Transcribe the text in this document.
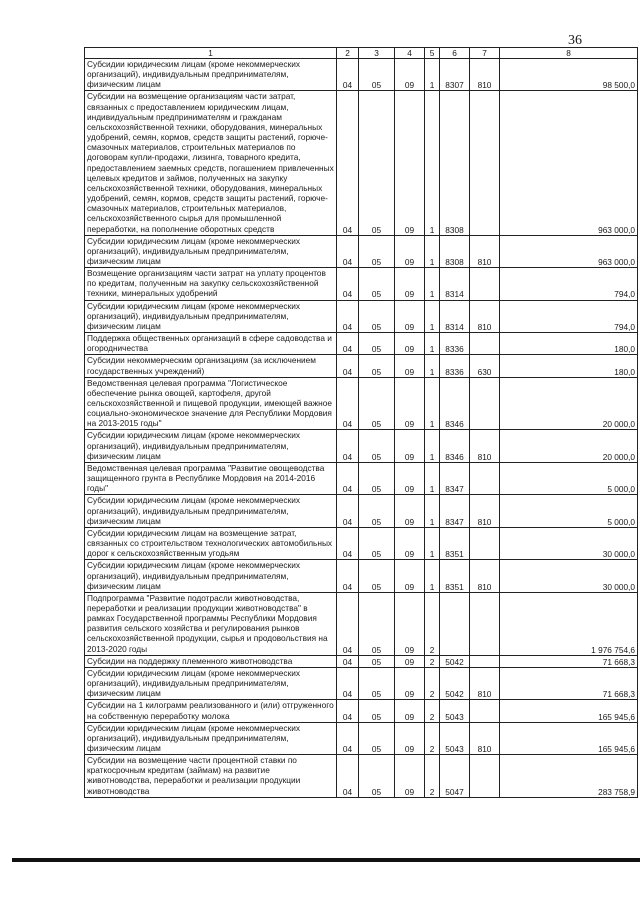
36
1	2	3	4	5	6	7	8
Субсидии юридическим лицам (кроме некоммерческих организаций), индивидуальным предпринимателям, физическим лицам	04	05	09	1	8307	810	98 500,0
Субсидии на возмещение организациям части затрат, связанных с предоставлением юридическим лицам, индивидуальным предпринимателям и гражданам сельскохозяйственной техники, оборудования, минеральных удобрений, семян, кормов, средств защиты растений, горюче-смазочных материалов, строительных материалов по договорам купли-продажи, лизинга, товарного кредита, предоставлением заемных средств, погашением привлеченных целевых кредитов и займов, полученных на закупку сельскохозяйственной техники, оборудования, минеральных удобрений, семян, кормов, средств защиты растений, горюче-смазочных материалов, строительных материалов, сельскохозяйственного сырья для промышленной переработки, на пополнение оборотных средств	04	05	09	1	8308		963 000,0
Субсидии юридическим лицам (кроме некоммерческих организаций), индивидуальным предпринимателям, физическим лицам	04	05	09	1	8308	810	963 000,0
Возмещение организациям части затрат на уплату процентов по кредитам, полученным на закупку сельскохозяйственной техники, минеральных удобрений	04	05	09	1	8314		794,0
Субсидии юридическим лицам (кроме некоммерческих организаций), индивидуальным предпринимателям, физическим лицам	04	05	09	1	8314	810	794,0
Поддержка общественных организаций в сфере садоводства и огородничества	04	05	09	1	8336		180,0
Субсидии некоммерческим организациям (за исключением государственных учреждений)	04	05	09	1	8336	630	180,0
Ведомственная целевая программа "Логистическое обеспечение рынка овощей, картофеля, другой сельскохозяйственной и пищевой продукции, имеющей важное социально-экономическое значение для Республики Мордовия на 2013-2015 годы"	04	05	09	1	8346		20 000,0
Субсидии юридическим лицам (кроме некоммерческих организаций), индивидуальным предпринимателям, физическим лицам	04	05	09	1	8346	810	20 000,0
Ведомственная целевая программа "Развитие овощеводства защищенного грунта в Республике Мордовия на 2014-2016 годы"	04	05	09	1	8347		5 000,0
Субсидии юридическим лицам (кроме некоммерческих организаций), индивидуальным предпринимателям, физическим лицам	04	05	09	1	8347	810	5 000,0
Субсидии юридическим лицам на возмещение затрат, связанных со строительством технологических автомобильных дорог к сельскохозяйственным угодьям	04	05	09	1	8351		30 000,0
Субсидии юридическим лицам (кроме некоммерческих организаций), индивидуальным предпринимателям, физическим лицам	04	05	09	1	8351	810	30 000,0
Подпрограмма "Развитие подотрасли животноводства, переработки и реализации продукции животноводства" в рамках Государственной программы Республики Мордовия развития сельского хозяйства и регулирования рынков сельскохозяйственной продукции, сырья и продовольствия на 2013-2020 годы	04	05	09	2			1 976 754,6
Субсидии на поддержку племенного животноводства	04	05	09	2	5042		71 668,3
Субсидии юридическим лицам (кроме некоммерческих организаций), индивидуальным предпринимателям, физическим лицам	04	05	09	2	5042	810	71 668,3
Субсидии на 1 килограмм реализованного и (или) отгруженного на собственную переработку молока	04	05	09	2	5043		165 945,6
Субсидии юридическим лицам (кроме некоммерческих организаций), индивидуальным предпринимателям, физическим лицам	04	05	09	2	5043	810	165 945,6
Субсидии на возмещение части процентной ставки по краткосрочным кредитам (займам) на развитие животноводства, переработки и реализации продукции животноводства	04	05	09	2	5047		283 758,9
